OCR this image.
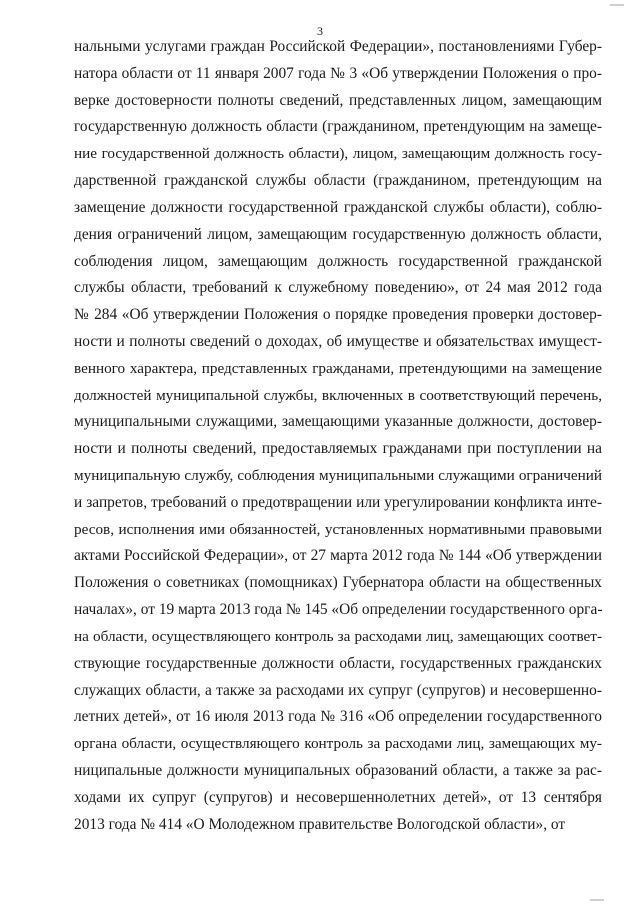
3
нальными услугами граждан Российской Федерации», постановлениями Губер-
натора области от 11 января 2007 года № 3 «Об утверждении Положения о про-
верке достоверности полноты сведений, представленных лицом, замещающим
государственную должность области (гражданином, претендующим на замеще-
ние государственной должность области), лицом, замещающим должность госу-
дарственной гражданской службы области (гражданином, претендующим на
замещение должности государственной гражданской службы области), соблю-
дения ограничений лицом, замещающим государственную должность области,
соблюдения лицом, замещающим должность государственной гражданской
службы области, требований к служебному поведению», от 24 мая 2012 года
№ 284 «Об утверждении Положения о порядке проведения проверки достовер-
ности и полноты сведений о доходах, об имуществе и обязательствах имущест-
венного характера, представленных гражданами, претендующими на замещение
должностей муниципальной службы, включенных в соответствующий перечень,
муниципальными служащими, замещающими указанные должности, достовер-
ности и полноты сведений, предоставляемых гражданами при поступлении на
муниципальную службу, соблюдения муниципальными служащими ограничений
и запретов, требований о предотвращении или урегулировании конфликта инте-
ресов, исполнения ими обязанностей, установленных нормативными правовыми
актами Российской Федерации», от 27 марта 2012 года № 144 «Об утверждении
Положения о советниках (помощниках) Губернатора области на общественных
началах», от 19 марта 2013 года № 145 «Об определении государственного орга-
на области, осуществляющего контроль за расходами лиц, замещающих соответ-
ствующие государственные должности области, государственных гражданских
служащих области, а также за расходами их супруг (супругов) и несовершенно-
летних детей», от 16 июля 2013 года № 316 «Об определении государственного
органа области, осуществляющего контроль за расходами лиц, замещающих му-
ниципальные должности муниципальных образований области, а также за рас-
ходами их супруг (супругов) и несовершеннолетних детей», от 13 сентября
2013 года № 414 «О Молодежном правительстве Вологодской области», от
